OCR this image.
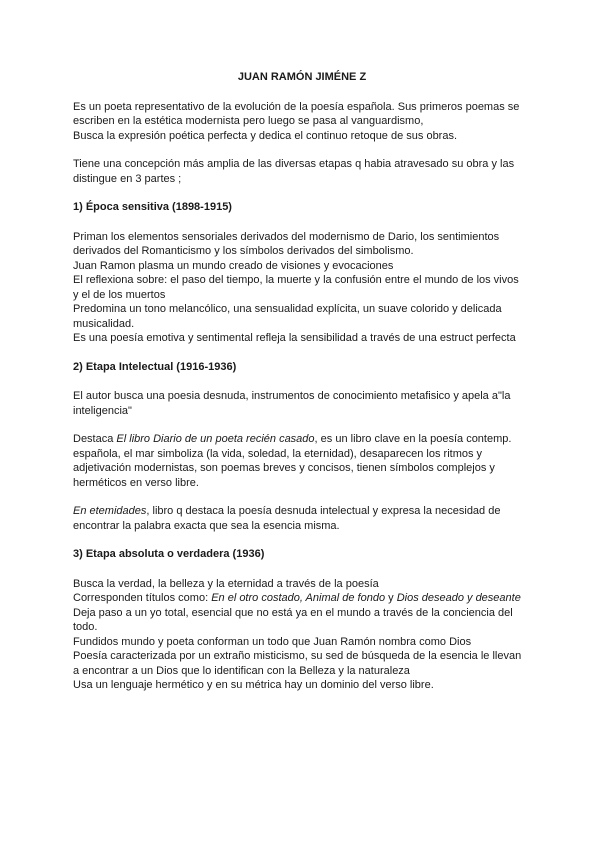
JUAN RAMÓN JIMÉNE Z
Es un poeta representativo de la evolución de la poesía española. Sus primeros poemas se
escriben en la estética modernista pero luego se pasa al vanguardismo,
Busca la expresión poética perfecta y dedica el continuo retoque de sus obras.
Tiene una concepción más amplia de las diversas etapas q habia atravesado su obra y las
distingue en 3 partes ;
1) Época sensitiva (1898-1915)
Priman los elementos sensoriales derivados del modernismo de Dario, los sentimientos
derivados del Romanticismo y los símbolos derivados del simbolismo.
Juan Ramon plasma un mundo creado de visiones y evocaciones
El reflexiona sobre: el paso del tiempo, la muerte y la confusión entre el mundo de los vivos
y el de los muertos
Predomina un tono melancólico, una sensualidad explícita, un suave colorido y delicada
musicalidad.
Es una poesía emotiva y sentimental refleja la sensibilidad a través de una estruct perfecta
2) Etapa Intelectual (1916-1936)
El autor busca una poesia desnuda, instrumentos de conocimiento metafisico y apela a"la
inteligencia"
Destaca El libro Diario de un poeta recién casado, es un libro clave en la poesía contemp.
española, el mar simboliza (la vida, soledad, la eternidad), desaparecen los ritmos y
adjetivación modernistas, son poemas breves y concisos, tienen símbolos complejos y
herméticos en verso libre.
En etemidades, libro q destaca la poesía desnuda intelectual y expresa la necesidad de
encontrar la palabra exacta que sea la esencia misma.
3) Etapa absoluta o verdadera (1936)
Busca la verdad, la belleza y la eternidad a través de la poesía
Corresponden títulos como: En el otro costado, Animal de fondo y Dios deseado y deseante
Deja paso a un yo total, esencial que no está ya en el mundo a través de la conciencia del
todo.
Fundidos mundo y poeta conforman un todo que Juan Ramón nombra como Dios
Poesía caracterizada por un extraño misticismo, su sed de búsqueda de la esencia le llevan
a encontrar a un Dios que lo identifican con la Belleza y la naturaleza
Usa un lenguaje hermético y en su métrica hay un dominio del verso libre.
